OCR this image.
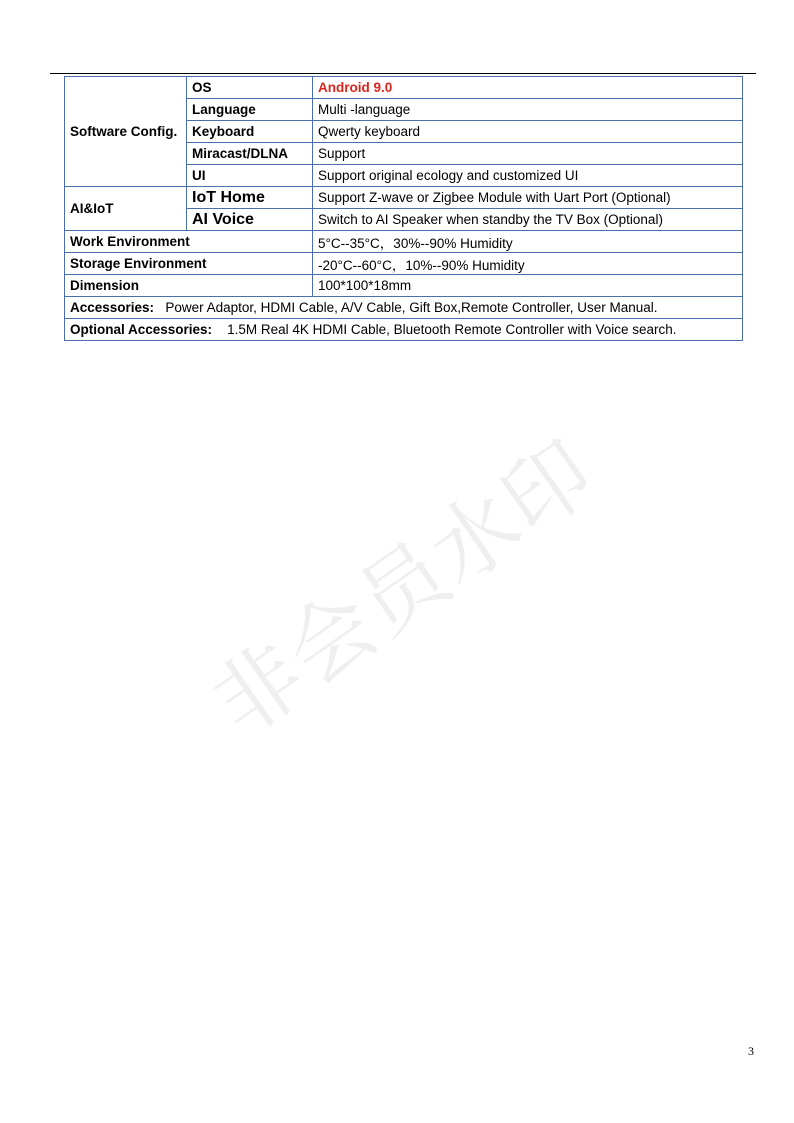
Software Config.	OS	Android 9.0
	Language	Multi -language
	Keyboard	Qwerty keyboard
	Miracast/DLNA	Support
	UI	Support original ecology and customized UI
AI&IoT	IoT Home	Support Z-wave or Zigbee Module with Uart Port (Optional)
	AI Voice	Switch to AI Speaker when standby the TV Box (Optional)
Work Environment		5°C--35°C，30%--90% Humidity
Storage Environment		-20°C--60°C，10%--90% Humidity
Dimension		100*100*18mm
Accessories: Power Adaptor, HDMI Cable, A/V Cable, Gift Box,Remote Controller, User Manual.		
Optional Accessories: 1.5M Real 4K HDMI Cable, Bluetooth Remote Controller with Voice search.		
非会员水印
3
